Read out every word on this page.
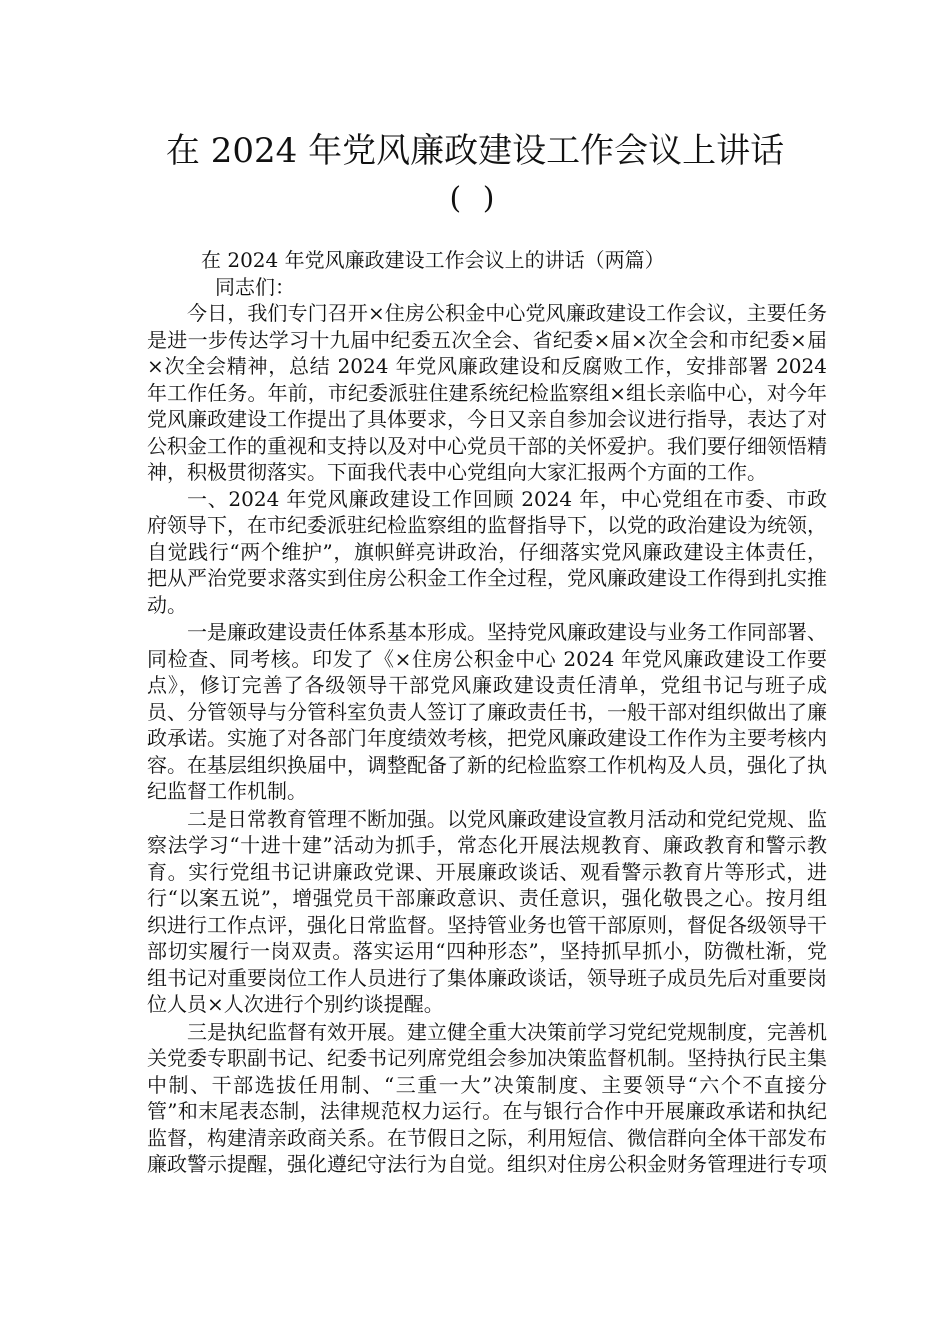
在 2024 年党风廉政建设工作会议上讲话
( )

在 2024 年党风廉政建设工作会议上的讲话（两篇）

同志们：

今日，我们专门召开×住房公积金中心党风廉政建设工作会议，主要任务是进一步传达学习十九届中纪委五次全会、省纪委×届×次全会和市纪委×届×次全会精神，总结 2024 年党风廉政建设和反腐败工作，安排部署 2024 年工作任务。年前，市纪委派驻住建系统纪检监察组×组长亲临中心，对今年党风廉政建设工作提出了具体要求，今日又亲自参加会议进行指导，表达了对公积金工作的重视和支持以及对中心党员干部的关怀爱护。我们要仔细领悟精神，积极贯彻落实。下面我代表中心党组向大家汇报两个方面的工作。

一、2024 年党风廉政建设工作回顾 2024 年，中心党组在市委、市政府领导下，在市纪委派驻纪检监察组的监督指导下，以党的政治建设为统领，自觉践行“两个维护”，旗帜鲜亮讲政治，仔细落实党风廉政建设主体责任，把从严治党要求落实到住房公积金工作全过程，党风廉政建设工作得到扎实推动。

一是廉政建设责任体系基本形成。坚持党风廉政建设与业务工作同部署、同检查、同考核。印发了《×住房公积金中心 2024 年党风廉政建设工作要点》，修订完善了各级领导干部党风廉政建设责任清单，党组书记与班子成员、分管领导与分管科室负责人签订了廉政责任书，一般干部对组织做出了廉政承诺。实施了对各部门年度绩效考核，把党风廉政建设工作作为主要考核内容。在基层组织换届中，调整配备了新的纪检监察工作机构及人员，强化了执纪监督工作机制。

二是日常教育管理不断加强。以党风廉政建设宣教月活动和党纪党规、监察法学习“十进十建”活动为抓手，常态化开展法规教育、廉政教育和警示教育。实行党组书记讲廉政党课、开展廉政谈话、观看警示教育片等形式，进行“以案五说”，增强党员干部廉政意识、责任意识，强化敬畏之心。按月组织进行工作点评，强化日常监督。坚持管业务也管干部原则，督促各级领导干部切实履行一岗双责。落实运用“四种形态”，坚持抓早抓小，防微杜渐，党组书记对重要岗位工作人员进行了集体廉政谈话，领导班子成员先后对重要岗位人员×人次进行个别约谈提醒。

三是执纪监督有效开展。建立健全重大决策前学习党纪党规制度，完善机关党委专职副书记、纪委书记列席党组会参加决策监督机制。坚持执行民主集中制、干部选拔任用制、“三重一大”决策制度、主要领导“六个不直接分管”和末尾表态制，法律规范权力运行。在与银行合作中开展廉政承诺和执纪监督，构建清亲政商关系。在节假日之际，利用短信、微信群向全体干部发布廉政警示提醒，强化遵纪守法行为自觉。组织对住房公积金财务管理进行专项
